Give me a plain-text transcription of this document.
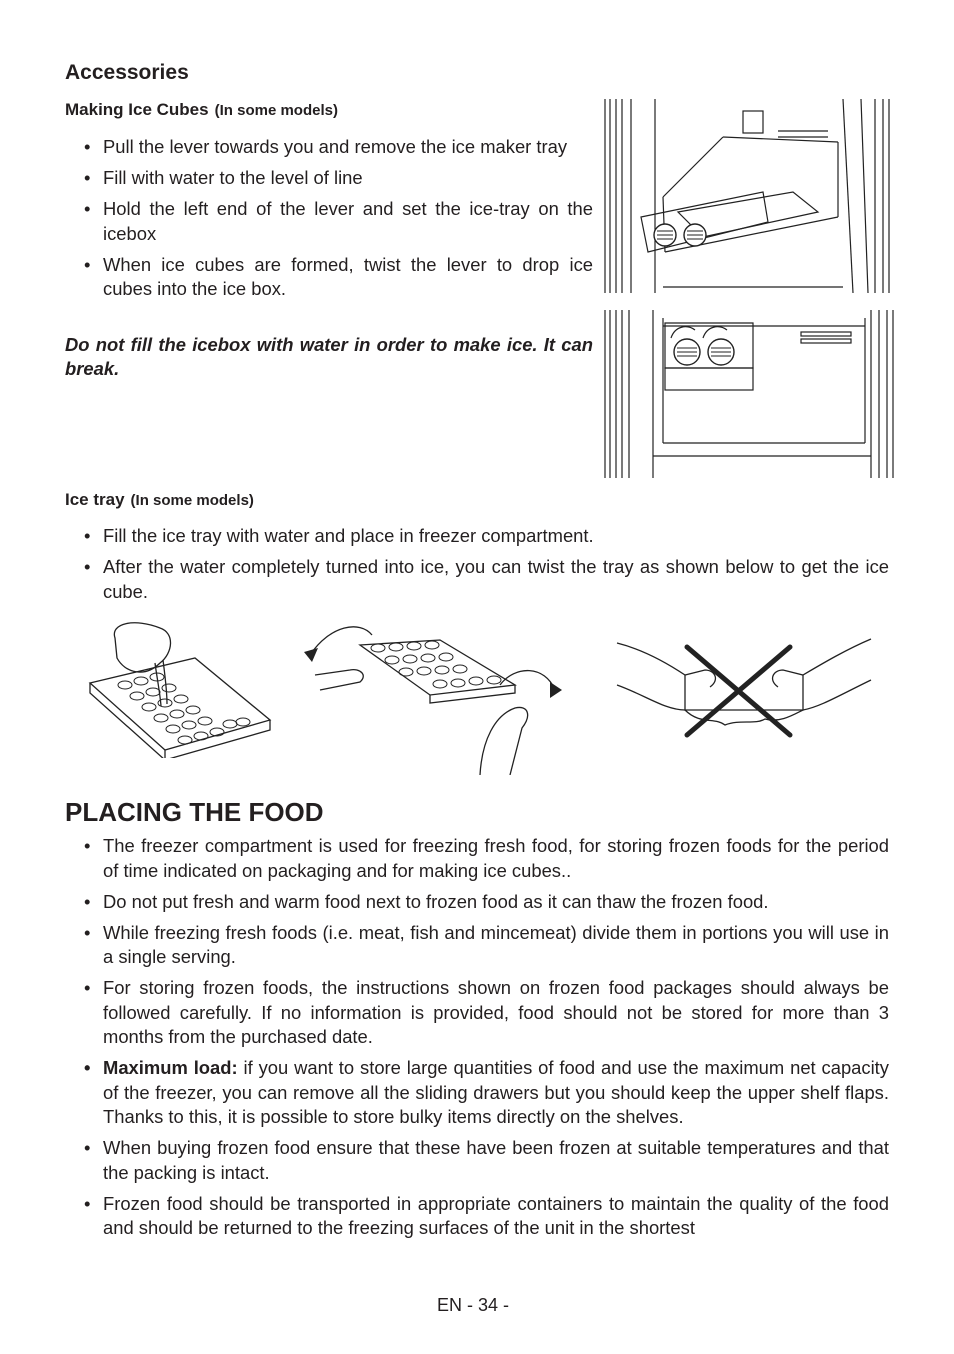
Accessories
Making Ice Cubes (In some models)
• Pull the lever towards you and remove the ice maker tray
• Fill with water to the level of line
• Hold the left end of the lever and set the ice-tray on the icebox
• When ice cubes are formed, twist the lever to drop ice cubes into the ice box.

Do not fill the icebox with water in order to make ice. It can break.

Ice tray (In some models)
• Fill the ice tray with water and place in freezer compartment.
• After the water completely turned into ice, you can twist the tray as shown below to get the ice cube.
PLACING THE FOOD
• The freezer compartment is used for freezing fresh food, for storing frozen foods for the period of time indicated on packaging and for making ice cubes..
• Do not put fresh and warm food next to frozen food as it can thaw the frozen food.
• While freezing fresh foods (i.e. meat, fish and mincemeat) divide them in portions you will use in a single serving.
• For storing frozen foods, the instructions shown on frozen food packages should always be followed carefully. If no information is provided, food should not be stored for more than 3 months from the purchased date.
• Maximum load: if you want to store large quantities of food and use the maximum net capacity of the freezer, you can remove all the sliding drawers but you should keep the upper shelf flaps. Thanks to this, it is possible to store bulky items directly on the shelves.
• When buying frozen food ensure that these have been frozen at suitable temperatures and that the packing is intact.
• Frozen food should be transported in appropriate containers to maintain the quality of the food and should be returned to the freezing surfaces of the unit in the shortest
EN - 34 -
